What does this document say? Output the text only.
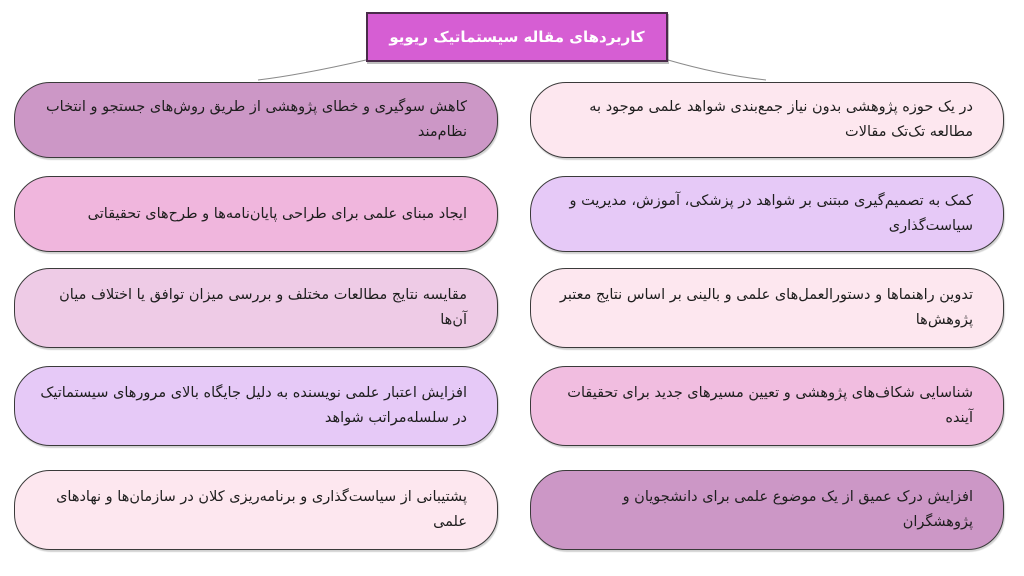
کاربردهای مقاله سیستماتیک ریویو
در یک حوزه پژوهشی بدون نیاز جمع‌بندی شواهد علمی موجود به مطالعه تک‌تک مقالات
کاهش سوگیری و خطای پژوهشی از طریق روش‌های جستجو و انتخاب نظام‌مند
کمک به تصمیم‌گیری مبتنی بر شواهد در پزشکی، آموزش، مدیریت و سیاست‌گذاری
ایجاد مبنای علمی برای طراحی پایان‌نامه‌ها و طرح‌های تحقیقاتی
تدوین راهنماها و دستورالعمل‌های علمی و بالینی بر اساس نتایج معتبر پژوهش‌ها
مقایسه نتایج مطالعات مختلف و بررسی میزان توافق یا اختلاف میان آن‌ها
شناسایی شکاف‌های پژوهشی و تعیین مسیرهای جدید برای تحقیقات آینده
افزایش اعتبار علمی نویسنده به دلیل جایگاه بالای مرورهای سیستماتیک در سلسله‌مراتب شواهد
افزایش درک عمیق از یک موضوع علمی برای دانشجویان و پژوهشگران
پشتیبانی از سیاست‌گذاری و برنامه‌ریزی کلان در سازمان‌ها و نهادهای علمی
